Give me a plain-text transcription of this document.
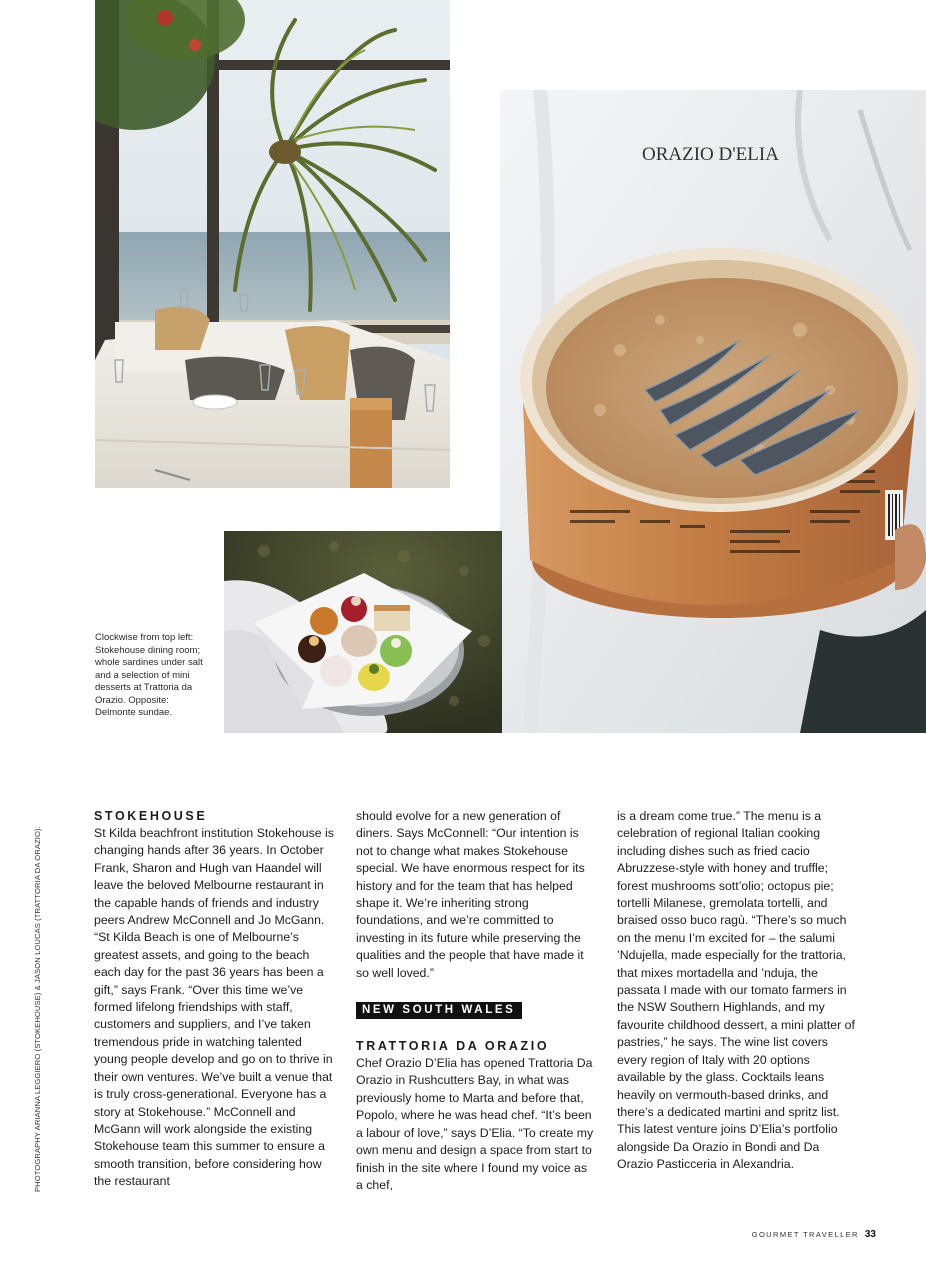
ORAZIO D'ELIA
Clockwise from top left: Stokehouse dining room; whole sardines under salt and a selection of mini desserts at Trattoria da Orazio. Opposite: Delmonte sundae.
PHOTOGRAPHY ARIANNA LEGGIERO (STOKEHOUSE) & JASON LOUCAS (TRATTORIA DA ORAZIO).
STOKEHOUSE

St Kilda beachfront institution Stokehouse is changing hands after 36 years. In October Frank, Sharon and Hugh van Haandel will leave the beloved Melbourne restaurant in the capable hands of friends and industry peers Andrew McConnell and Jo McGann. “St Kilda Beach is one of Melbourne’s greatest assets, and going to the beach each day for the past 36 years has been a gift,” says Frank. “Over this time we’ve formed lifelong friendships with staff, customers and suppliers, and I’ve taken tremendous pride in watching talented young people develop and go on to thrive in their own ventures. We’ve built a venue that is truly cross-generational. Everyone has a story at Stokehouse.” McConnell and McGann will work alongside the existing Stokehouse team this summer to ensure a smooth transition, before considering how the restaurant

should evolve for a new generation of diners. Says McConnell: “Our intention is not to change what makes Stokehouse special. We have enormous respect for its history and for the team that has helped shape it. We’re inheriting strong foundations, and we’re committed to investing in its future while preserving the qualities and the people that have made it so well loved.”

NEW SOUTH WALES
TRATTORIA DA ORAZIO

Chef Orazio D’Elia has opened Trattoria Da Orazio in Rushcutters Bay, in what was previously home to Marta and before that, Popolo, where he was head chef. “It’s been a labour of love,” says D’Elia. “To create my own menu and design a space from start to finish in the site where I found my voice as a chef,

is a dream come true.” The menu is a celebration of regional Italian cooking including dishes such as fried cacio Abruzzese-style with honey and truffle; forest mushrooms sott’olio; octopus pie; tortelli Milanese, gremolata tortelli, and braised osso buco ragù. “There’s so much on the menu I’m excited for – the salumi ’Ndujella, made especially for the trattoria, that mixes mortadella and ’nduja, the passata I made with our tomato farmers in the NSW Southern Highlands, and my favourite childhood dessert, a mini platter of pastries,” he says. The wine list covers every region of Italy with 20 options available by the glass. Cocktails leans heavily on vermouth-based drinks, and there’s a dedicated martini and spritz list. This latest venture joins D’Elia’s portfolio alongside Da Orazio in Bondi and Da Orazio Pasticceria in Alexandria.

GOURMET TRAVELLER 33
